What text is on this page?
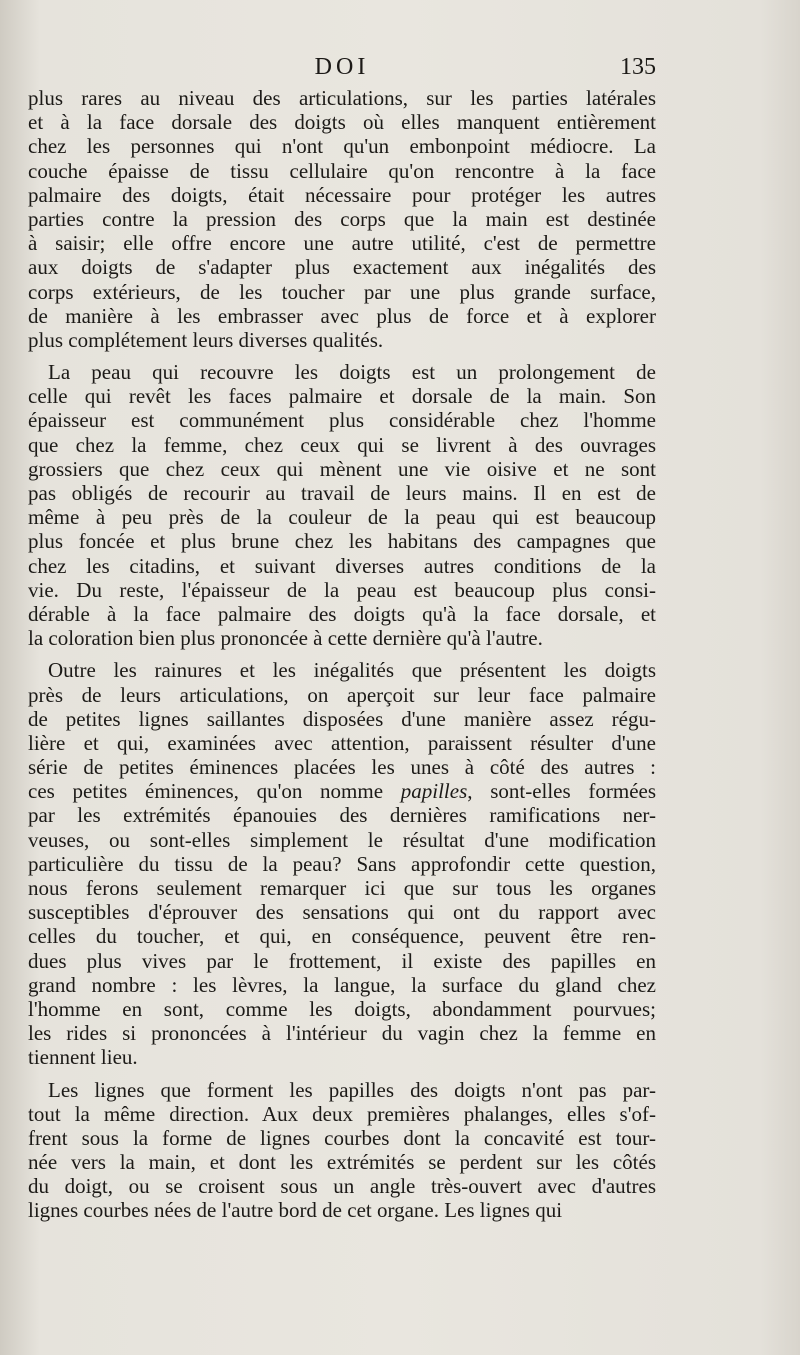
DOI	135
plus rares au niveau des articulations, sur les parties latérales
et à la face dorsale des doigts où elles manquent entièrement
chez les personnes qui n'ont qu'un embonpoint médiocre. La
couche épaisse de tissu cellulaire qu'on rencontre à la face
palmaire des doigts, était nécessaire pour protéger les autres
parties contre la pression des corps que la main est destinée
à saisir; elle offre encore une autre utilité, c'est de permettre
aux doigts de s'adapter plus exactement aux inégalités des
corps extérieurs, de les toucher par une plus grande surface,
de manière à les embrasser avec plus de force et à explorer
plus complétement leurs diverses qualités.
La peau qui recouvre les doigts est un prolongement de
celle qui revêt les faces palmaire et dorsale de la main. Son
épaisseur est communément plus considérable chez l'homme
que chez la femme, chez ceux qui se livrent à des ouvrages
grossiers que chez ceux qui mènent une vie oisive et ne sont
pas obligés de recourir au travail de leurs mains. Il en est de
même à peu près de la couleur de la peau qui est beaucoup
plus foncée et plus brune chez les habitans des campagnes que
chez les citadins, et suivant diverses autres conditions de la
vie. Du reste, l'épaisseur de la peau est beaucoup plus consi-
dérable à la face palmaire des doigts qu'à la face dorsale, et
la coloration bien plus prononcée à cette dernière qu'à l'autre.
Outre les rainures et les inégalités que présentent les doigts
près de leurs articulations, on aperçoit sur leur face palmaire
de petites lignes saillantes disposées d'une manière assez régu-
lière et qui, examinées avec attention, paraissent résulter d'une
série de petites éminences placées les unes à côté des autres :
ces petites éminences, qu'on nomme papilles, sont-elles formées
par les extrémités épanouies des dernières ramifications ner-
veuses, ou sont-elles simplement le résultat d'une modification
particulière du tissu de la peau? Sans approfondir cette question,
nous ferons seulement remarquer ici que sur tous les organes
susceptibles d'éprouver des sensations qui ont du rapport avec
celles du toucher, et qui, en conséquence, peuvent être ren-
dues plus vives par le frottement, il existe des papilles en
grand nombre : les lèvres, la langue, la surface du gland chez
l'homme en sont, comme les doigts, abondamment pourvues;
les rides si prononcées à l'intérieur du vagin chez la femme en
tiennent lieu.
Les lignes que forment les papilles des doigts n'ont pas par-
tout la même direction. Aux deux premières phalanges, elles s'of-
frent sous la forme de lignes courbes dont la concavité est tour-
née vers la main, et dont les extrémités se perdent sur les côtés
du doigt, ou se croisent sous un angle très-ouvert avec d'autres
lignes courbes nées de l'autre bord de cet organe. Les lignes qui
